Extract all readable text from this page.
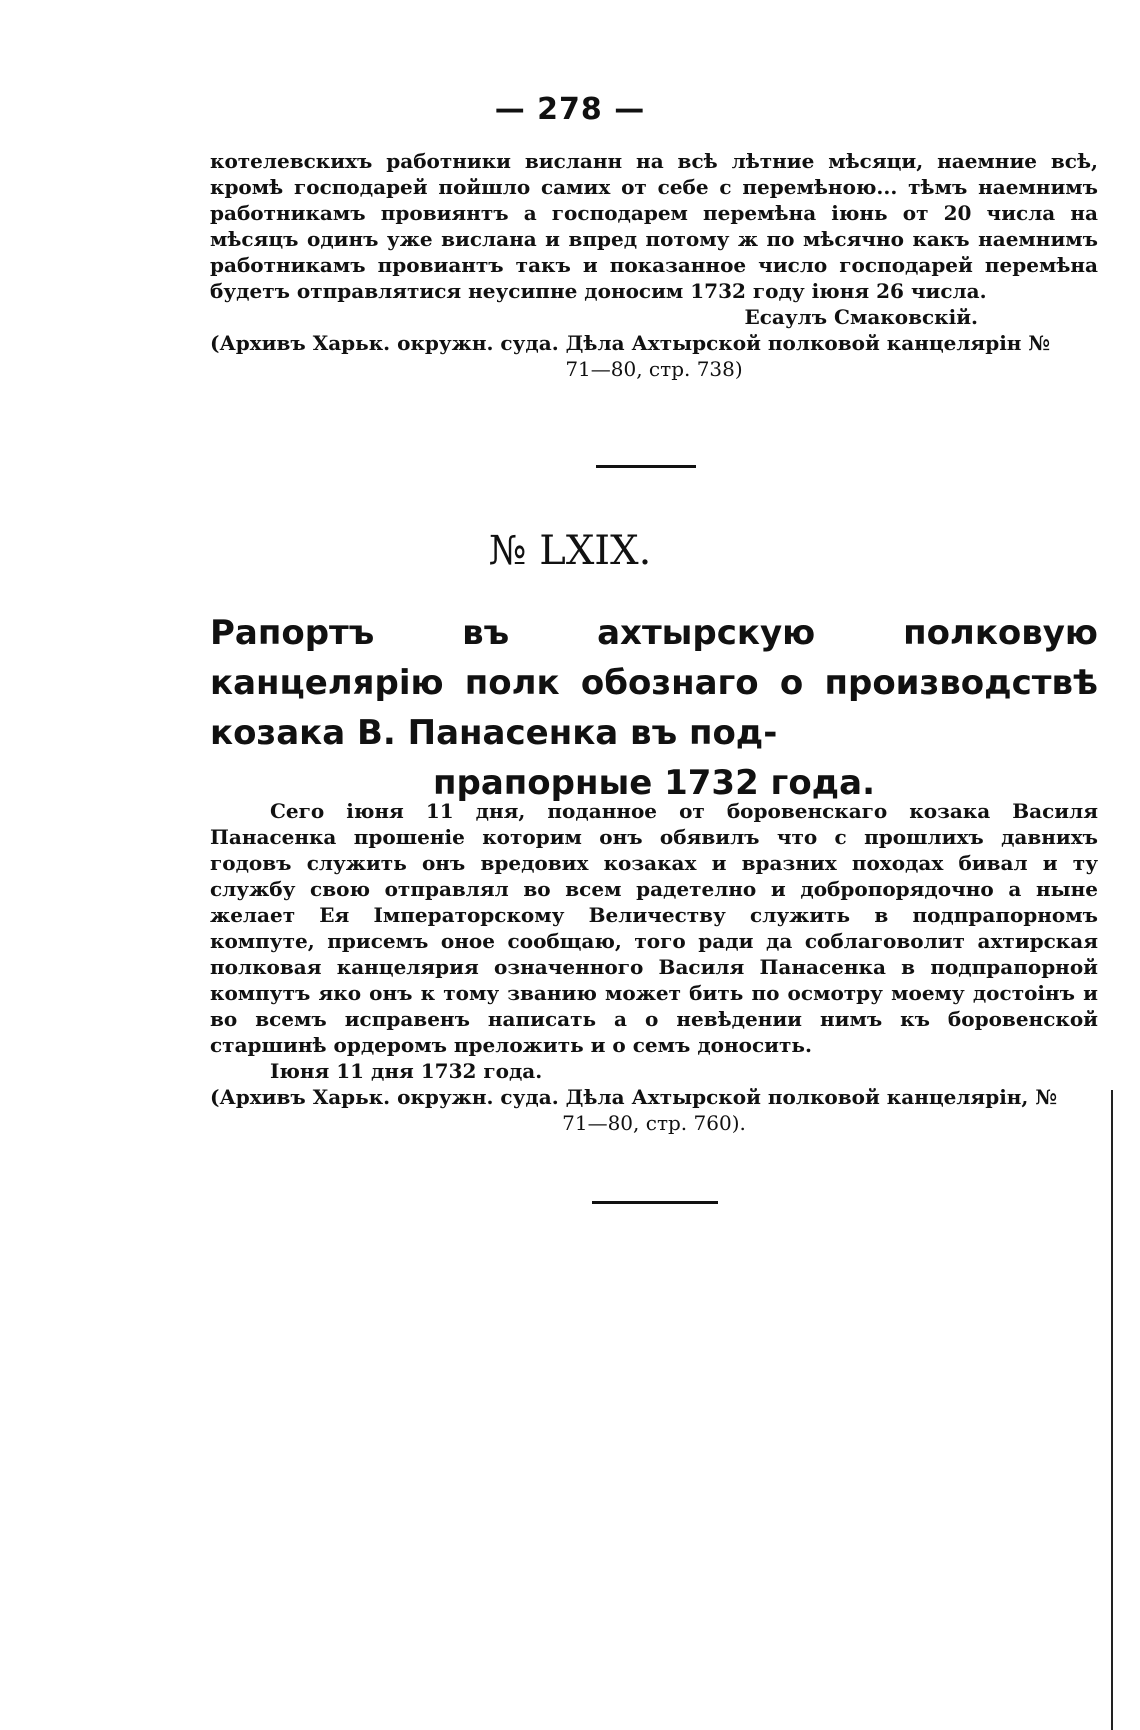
— 278 —

котелевскихъ работники висланн на всѣ лѣтние мѣсяци, наемние всѣ, кромѣ господарей пойшло самих от себе с перемѣною... тѣмъ наемнимъ работникамъ провиянтъ а господарем перемѣна іюнь от 20 числа на мѣсяцъ одинъ уже вислана и впред потому ж по мѣсячно какъ наемнимъ работникамъ провиантъ такъ и показанное число господарей перемѣна будетъ отправлятися неусипне доносим 1732 году іюня 26 числа.

Есаулъ Смаковскій.

(Архивъ Харьк. окружн. суда. Дѣла Ахтырской полковой канцелярін №

71—80, стр. 738)

№ LXIX.

Рапортъ въ ахтырскую полковую канцелярію полк обознаго о производствѣ козака В. Панасенка въ под-
прапорные 1732 года.

Сего іюня 11 дня, поданное от боровенскаго козака Василя Панасенка прошеніе которим онъ обявилъ что с прошлихъ давнихъ годовъ служить онъ вредових козаках и вразних походах бивал и ту службу свою отправлял во всем радетелно и добропорядочно а ныне желает Ея Імператорскому Величеству служить в подпрапорномъ компуте, присемъ оное сообщаю, того ради да соблаговолит ахтирская полковая канцелярия означенного Василя Панасенка в подпрапорной компутъ яко онъ к тому званию может бить по осмотру моему достоінъ и во всемъ исправенъ написать а о невѣдении нимъ къ боровенской старшинѣ ордеромъ преложить и о семъ доносить.

Іюня 11 дня 1732 года.

(Архивъ Харьк. окружн. суда. Дѣла Ахтырской полковой канцелярін, №

71—80, стр. 760).
